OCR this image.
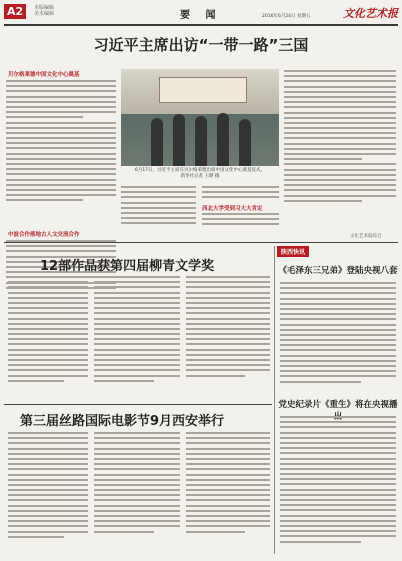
A2	本版编辑
美术编辑	要 闻	2016年6月24日 星期五	文化艺术报
习近平主席出访“一带一路”三国
贝尔格莱德中国文化中心奠基
中波合作落地古人文交流合作
6月17日，习近平主席在贝尔格莱德出席中国文化中心奠基仪式。
新华社记者 王晔 摄
西北大学受到习大大肯定
文化艺术报综合
12部作品获第四届柳青文学奖
第三届丝路国际电影节9月西安举行
陕西快讯
《毛泽东三兄弟》登陆央视八套
党史纪录片《重生》将在央视播
